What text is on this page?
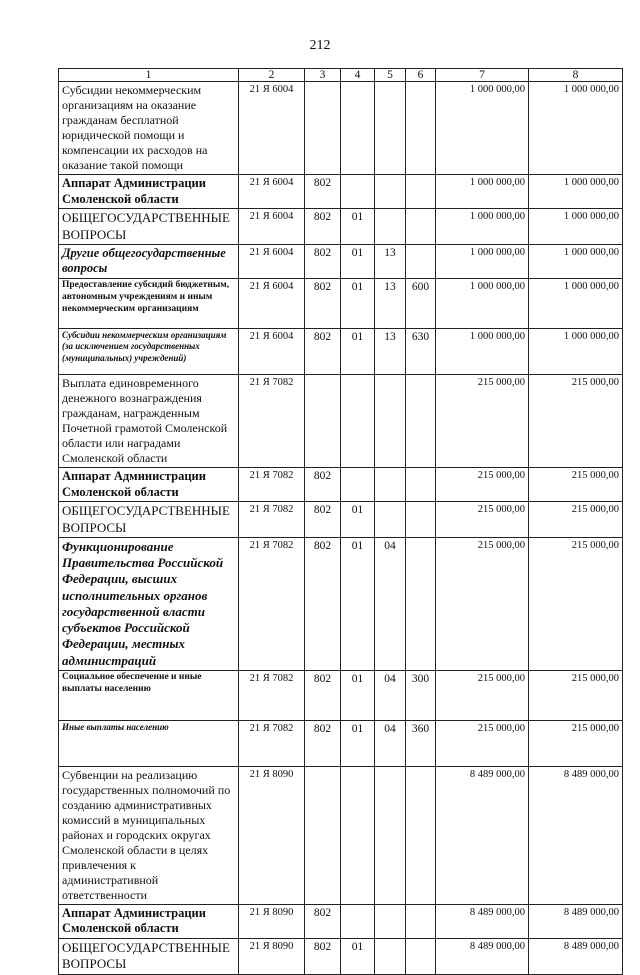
212
1	2	3	4	5	6	7	8
Субсидии некоммерческим организациям на оказание гражданам бесплатной юридической помощи и компенсации их расходов на оказание такой помощи	21 Я 6004					1 000 000,00	1 000 000,00
Аппарат Администрации Смоленской области	21 Я 6004	802				1 000 000,00	1 000 000,00
ОБЩЕГОСУДАРСТВЕННЫЕ ВОПРОСЫ	21 Я 6004	802	01			1 000 000,00	1 000 000,00
Другие общегосударственные вопросы	21 Я 6004	802	01	13		1 000 000,00	1 000 000,00
Предоставление субсидий бюджетным, автономным учреждениям и иным некоммерческим организациям	21 Я 6004	802	01	13	600	1 000 000,00	1 000 000,00
Субсидии некоммерческим организациям (за исключением государственных (муниципальных) учреждений)	21 Я 6004	802	01	13	630	1 000 000,00	1 000 000,00
Выплата единовременного денежного вознаграждения гражданам, награжденным Почетной грамотой Смоленской области или наградами Смоленской области	21 Я 7082					215 000,00	215 000,00
Аппарат Администрации Смоленской области	21 Я 7082	802				215 000,00	215 000,00
ОБЩЕГОСУДАРСТВЕННЫЕ ВОПРОСЫ	21 Я 7082	802	01			215 000,00	215 000,00
Функционирование Правительства Российской Федерации, высших исполнительных органов государственной власти субъектов Российской Федерации, местных администраций	21 Я 7082	802	01	04		215 000,00	215 000,00
Социальное обеспечение и иные выплаты населению	21 Я 7082	802	01	04	300	215 000,00	215 000,00
Иные выплаты населению	21 Я 7082	802	01	04	360	215 000,00	215 000,00
Субвенции на реализацию государственных полномочий по созданию административных комиссий в муниципальных районах и городских округах Смоленской области в целях привлечения к административной ответственности	21 Я 8090					8 489 000,00	8 489 000,00
Аппарат Администрации Смоленской области	21 Я 8090	802				8 489 000,00	8 489 000,00
ОБЩЕГОСУДАРСТВЕННЫЕ ВОПРОСЫ	21 Я 8090	802	01			8 489 000,00	8 489 000,00
